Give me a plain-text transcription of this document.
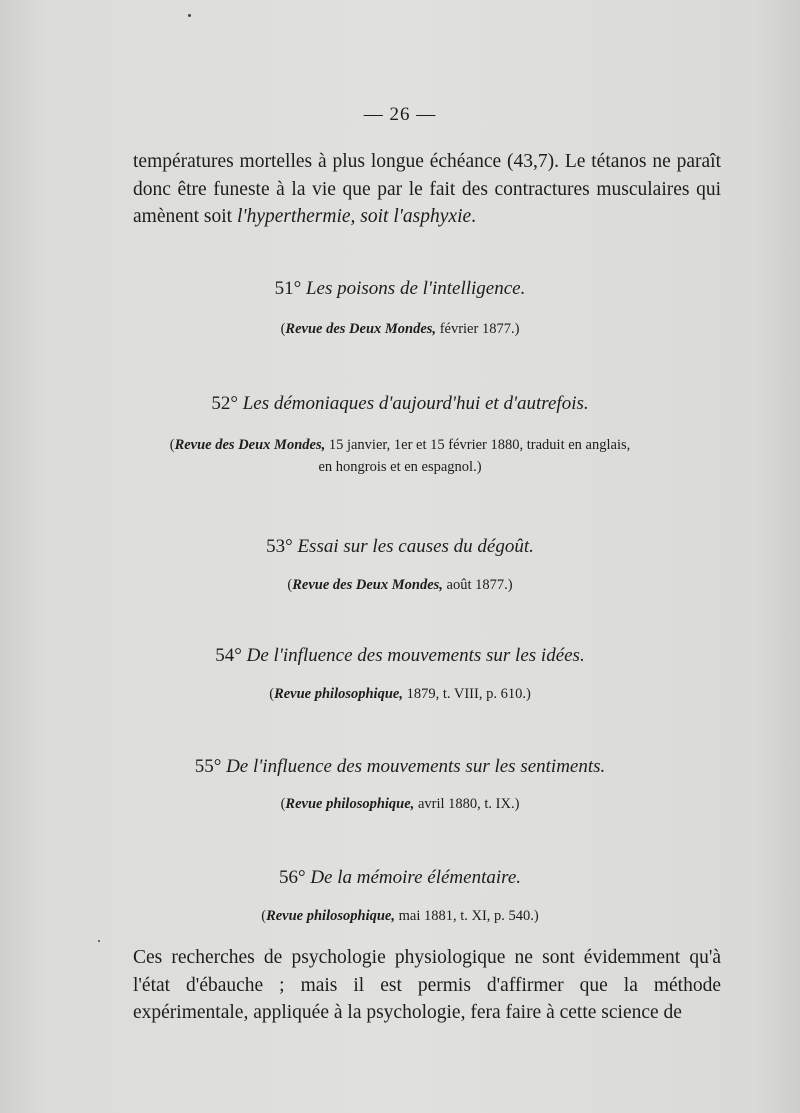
— 26 —

températures mortelles à plus longue échéance (43,7). Le tétanos ne paraît donc être funeste à la vie que par le fait des contractures musculaires qui amènent soit l'hyperthermie, soit l'asphyxie.

51° Les poisons de l'intelligence.
(Revue des Deux Mondes, février 1877.)
52° Les démoniaques d'aujourd'hui et d'autrefois.
(Revue des Deux Mondes, 15 janvier, 1er et 15 février 1880, traduit en anglais,
en hongrois et en espagnol.)
53° Essai sur les causes du dégoût.
(Revue des Deux Mondes, août 1877.)
54° De l'influence des mouvements sur les idées.
(Revue philosophique, 1879, t. VIII, p. 610.)
55° De l'influence des mouvements sur les sentiments.
(Revue philosophique, avril 1880, t. IX.)
56° De la mémoire élémentaire.
(Revue philosophique, mai 1881, t. XI, p. 540.)

Ces recherches de psychologie physiologique ne sont évidemment qu'à l'état d'ébauche ; mais il est permis d'affirmer que la méthode expérimentale, appliquée à la psychologie, fera faire à cette science de
